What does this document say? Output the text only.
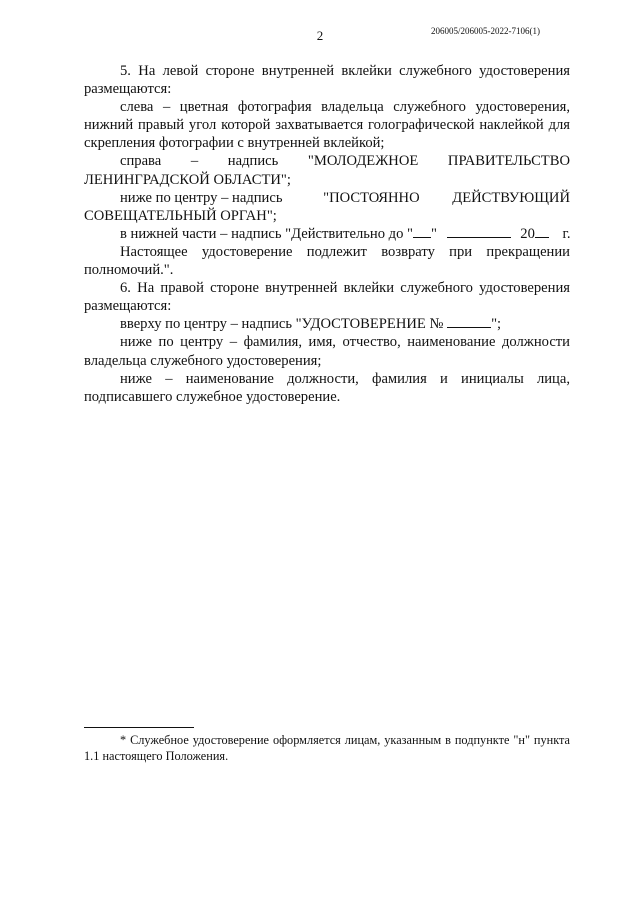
2	206005/206005-2022-7106(1)

5. На левой стороне внутренней вклейки служебного удостоверения размещаются:

слева – цветная фотография владельца служебного удостоверения, нижний правый угол которой захватывается голографической наклейкой для скрепления фотографии с внутренней вклейкой;

справа – надпись "МОЛОДЕЖНОЕ ПРАВИТЕЛЬСТВО
ЛЕНИНГРАДСКОЙ ОБЛАСТИ";
ниже по центру – надпись	"ПОСТОЯННО ДЕЙСТВУЮЩИЙ
СОВЕЩАТЕЛЬНЫЙ ОРГАН";
в нижней части – надпись "Действительно до " "	20 г.

Настоящее удостоверение подлежит возврату при прекращении полномочий.".

6. На правой стороне внутренней вклейки служебного удостоверения размещаются:

вверху по центру – надпись "УДОСТОВЕРЕНИЕ №	";

ниже по центру – фамилия, имя, отчество, наименование должности владельца служебного удостоверения;

ниже – наименование должности, фамилия и инициалы лица, подписавшего служебное удостоверение.

* Служебное удостоверение оформляется лицам, указанным в подпункте "н" пункта 1.1 настоящего Положения.
